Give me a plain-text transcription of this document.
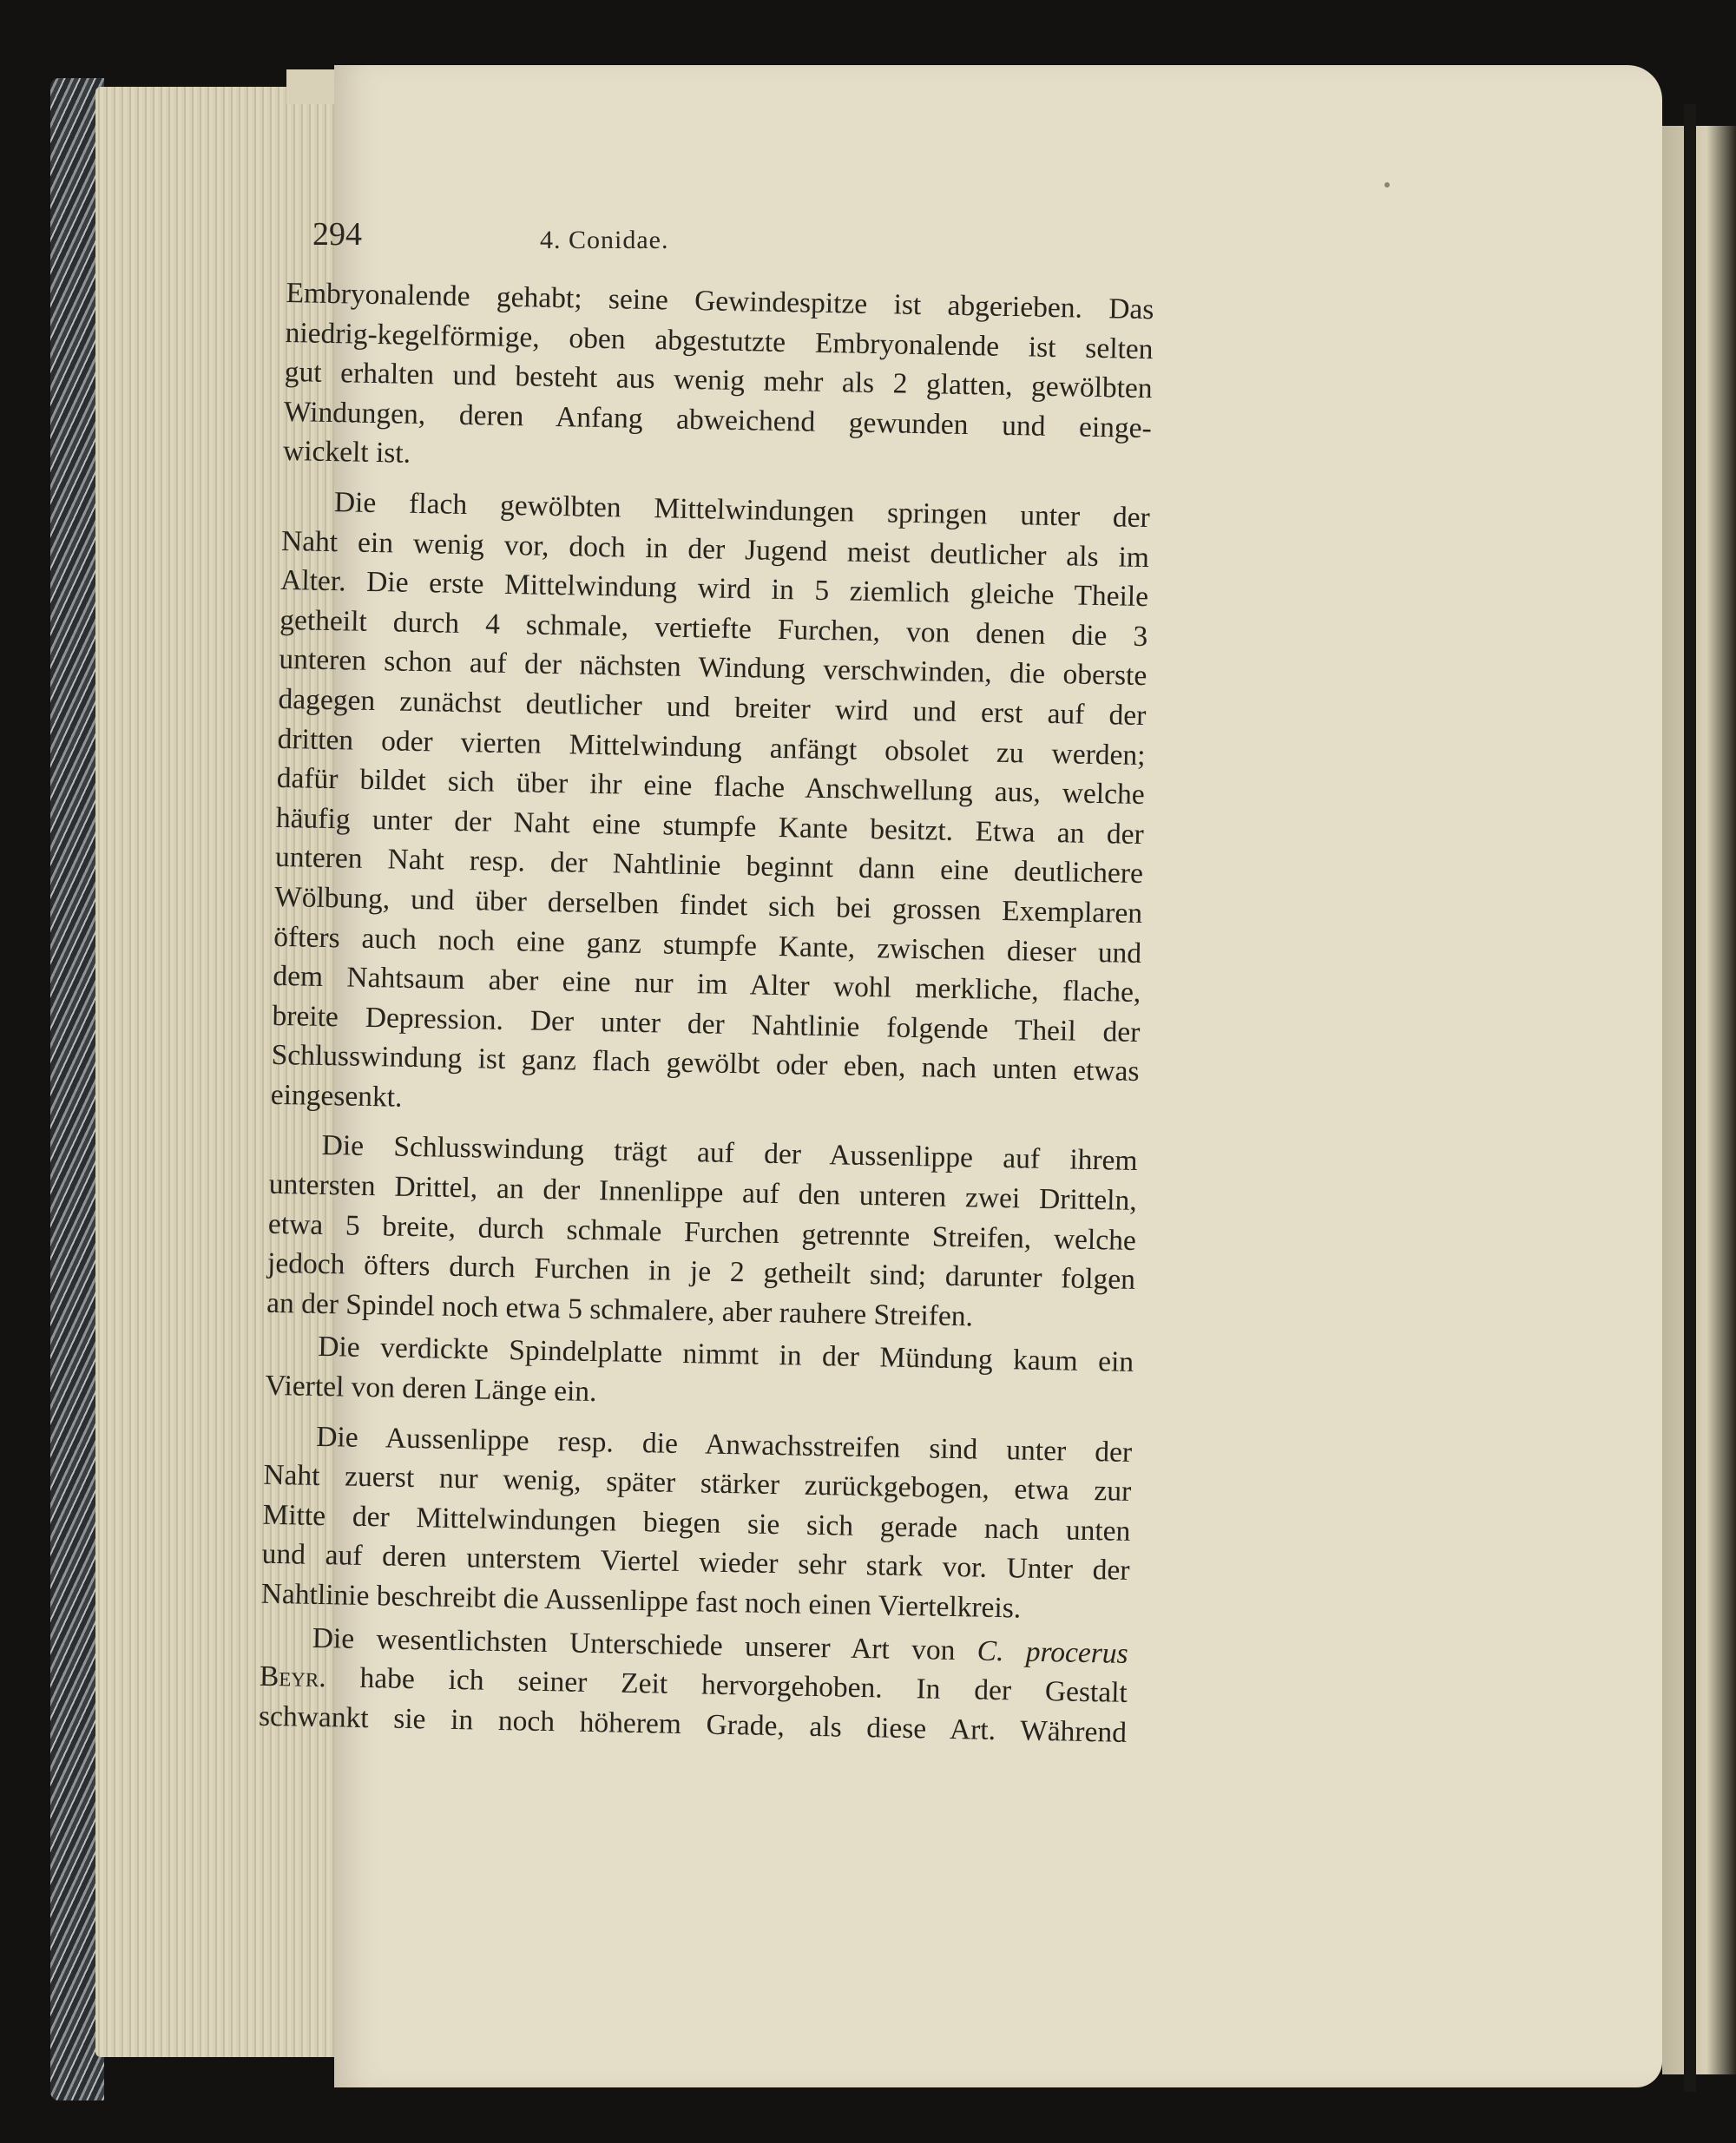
294	4. Conidae.

Embryonalende gehabt; seine Gewindespitze ist abgerieben. Das

niedrig-kegelförmige, oben abgestutzte Embryonalende ist selten

gut erhalten und besteht aus wenig mehr als 2 glatten, gewölbten

Windungen, deren Anfang abweichend gewunden und einge-

wickelt ist.

Die flach gewölbten Mittelwindungen springen unter der

Naht ein wenig vor, doch in der Jugend meist deutlicher als im

Alter. Die erste Mittelwindung wird in 5 ziemlich gleiche Theile

getheilt durch 4 schmale, vertiefte Furchen, von denen die 3

unteren schon auf der nächsten Windung verschwinden, die oberste

dagegen zunächst deutlicher und breiter wird und erst auf der

dritten oder vierten Mittelwindung anfängt obsolet zu werden;

dafür bildet sich über ihr eine flache Anschwellung aus, welche

häufig unter der Naht eine stumpfe Kante besitzt. Etwa an der

unteren Naht resp. der Nahtlinie beginnt dann eine deutlichere

Wölbung, und über derselben findet sich bei grossen Exemplaren

öfters auch noch eine ganz stumpfe Kante, zwischen dieser und

dem Nahtsaum aber eine nur im Alter wohl merkliche, flache,

breite Depression. Der unter der Nahtlinie folgende Theil der

Schlusswindung ist ganz flach gewölbt oder eben, nach unten etwas

eingesenkt.

Die Schlusswindung trägt auf der Aussenlippe auf ihrem

untersten Drittel, an der Innenlippe auf den unteren zwei Dritteln,

etwa 5 breite, durch schmale Furchen getrennte Streifen, welche

jedoch öfters durch Furchen in je 2 getheilt sind; darunter folgen

an der Spindel noch etwa 5 schmalere, aber rauhere Streifen.

Die verdickte Spindelplatte nimmt in der Mündung kaum ein

Viertel von deren Länge ein.

Die Aussenlippe resp. die Anwachsstreifen sind unter der

Naht zuerst nur wenig, später stärker zurückgebogen, etwa zur

Mitte der Mittelwindungen biegen sie sich gerade nach unten

und auf deren unterstem Viertel wieder sehr stark vor. Unter der

Nahtlinie beschreibt die Aussenlippe fast noch einen Viertelkreis.

Die wesentlichsten Unterschiede unserer Art von C. procerus

Beyr. habe ich seiner Zeit hervorgehoben. In der Gestalt

schwankt sie in noch höherem Grade, als diese Art. Während
